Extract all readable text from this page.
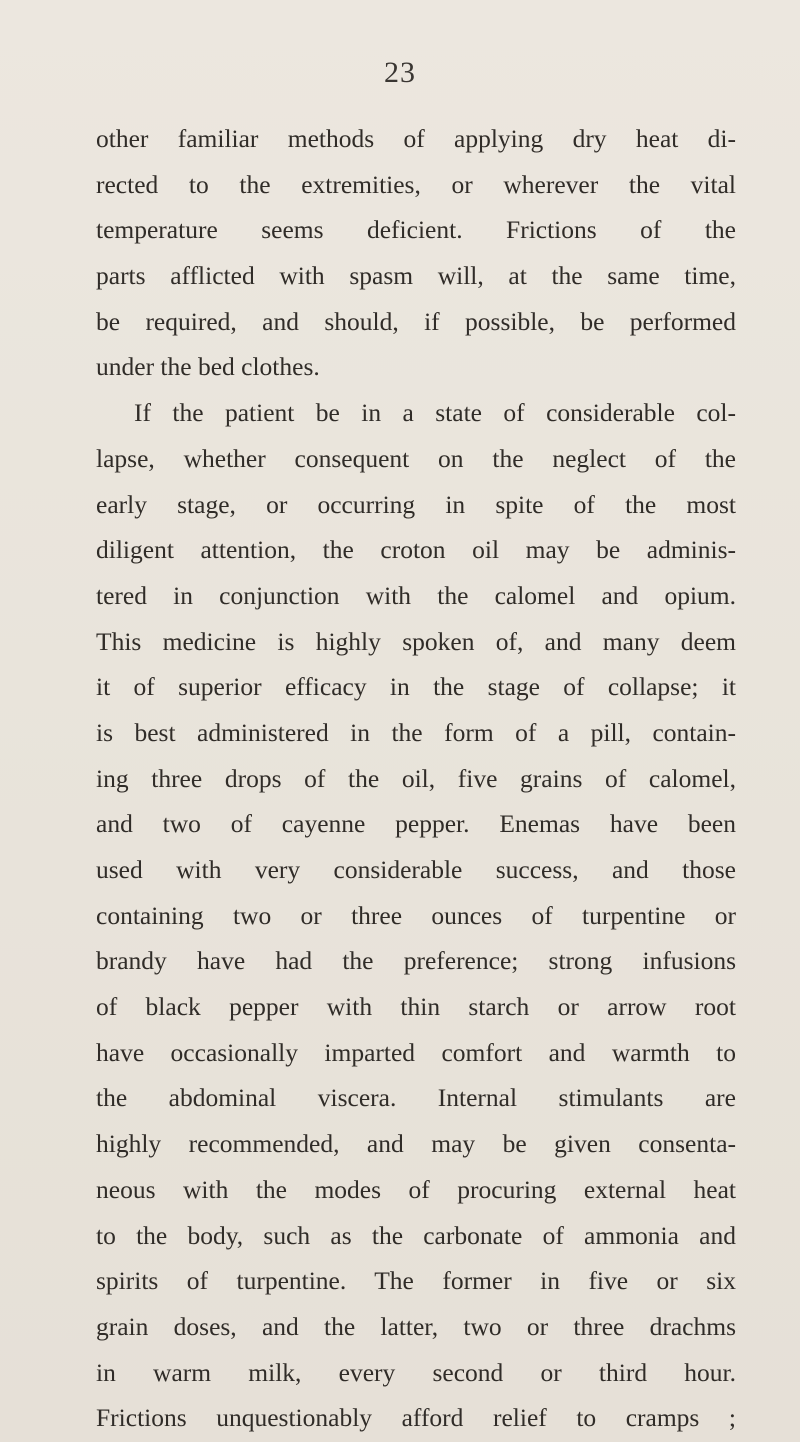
23
other familiar methods of applying dry heat di-
rected to the extremities, or wherever the vital
temperature seems deficient. Frictions of the
parts afflicted with spasm will, at the same time,
be required, and should, if possible, be performed
under the bed clothes.
If the patient be in a state of considerable col-
lapse, whether consequent on the neglect of the
early stage, or occurring in spite of the most
diligent attention, the croton oil may be adminis-
tered in conjunction with the calomel and opium.
This medicine is highly spoken of, and many deem
it of superior efficacy in the stage of collapse; it
is best administered in the form of a pill, contain-
ing three drops of the oil, five grains of calomel,
and two of cayenne pepper. Enemas have been
used with very considerable success, and those
containing two or three ounces of turpentine or
brandy have had the preference; strong infusions
of black pepper with thin starch or arrow root
have occasionally imparted comfort and warmth to
the abdominal viscera. Internal stimulants are
highly recommended, and may be given consenta-
neous with the modes of procuring external heat
to the body, such as the carbonate of ammonia and
spirits of turpentine. The former in five or six
grain doses, and the latter, two or three drachms
in warm milk, every second or third hour.
Frictions unquestionably afford relief to cramps ;
